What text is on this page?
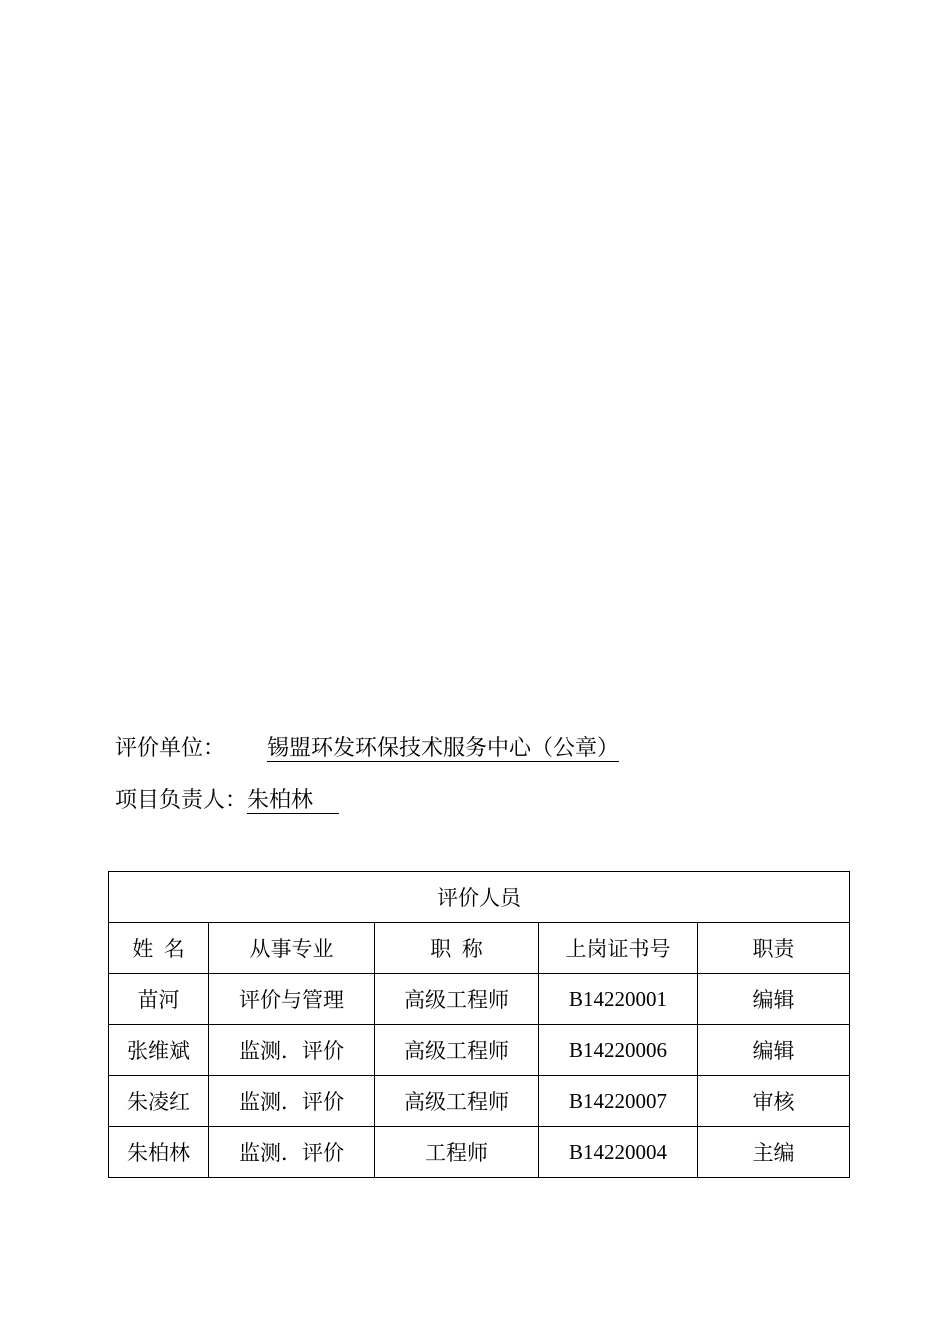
评价单位： 锡盟环发环保技术服务中心（公章）
项目负责人：朱柏林
评价人员				
姓  名	从事专业	职  称	上岗证书号	职责
苗河	评价与管理	高级工程师	B14220001	编辑
张维斌	监测．评价	高级工程师	B14220006	编辑
朱凌红	监测．评价	高级工程师	B14220007	审核
朱柏林	监测．评价	工程师	B14220004	主编
